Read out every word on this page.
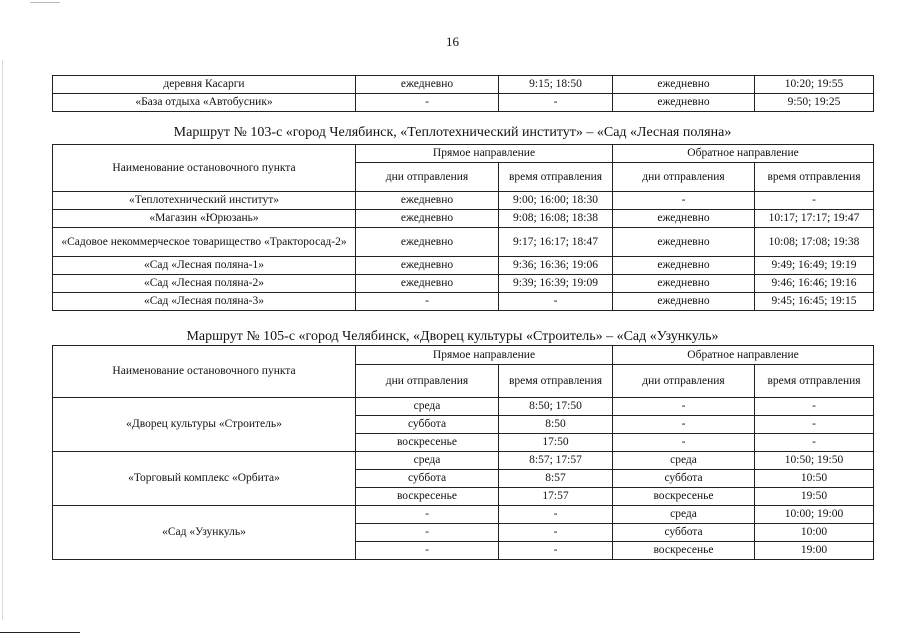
16
деревня Касарги	ежедневно	9:15; 18:50	ежедневно	10:20; 19:55
«База отдыха «Автобусник»	-	-	ежедневно	9:50; 19:25
Маршрут № 103-с «город Челябинск, «Теплотехнический институт» – «Сад «Лесная поляна»
Наименование остановочного пункта	Прямое направление		Обратное направление	
	дни отправления	время отправления	дни отправления	время отправления
«Теплотехнический институт»	ежедневно	9:00; 16:00; 18:30	-	-
«Магазин «Юрюзань»	ежедневно	9:08; 16:08; 18:38	ежедневно	10:17; 17:17; 19:47
«Садовое некоммерческое товарищество «Тракторосад-2»	ежедневно	9:17; 16:17; 18:47	ежедневно	10:08; 17:08; 19:38
«Сад «Лесная поляна-1»	ежедневно	9:36; 16:36; 19:06	ежедневно	9:49; 16:49; 19:19
«Сад «Лесная поляна-2»	ежедневно	9:39; 16:39; 19:09	ежедневно	9:46; 16:46; 19:16
«Сад «Лесная поляна-3»	-	-	ежедневно	9:45; 16:45; 19:15
Маршрут № 105-с «город Челябинск, «Дворец культуры «Строитель» – «Сад «Узункуль»
Наименование остановочного пункта	Прямое направление		Обратное направление	
	дни отправления	время отправления	дни отправления	время отправления
«Дворец культуры «Строитель»	среда	8:50; 17:50	-	-
	суббота	8:50	-	-
	воскресенье	17:50	-	-
«Торговый комплекс «Орбита»	среда	8:57; 17:57	среда	10:50; 19:50
	суббота	8:57	суббота	10:50
	воскресенье	17:57	воскресенье	19:50
«Сад «Узункуль»	-	-	среда	10:00; 19:00
	-	-	суббота	10:00
	-	-	воскресенье	19:00
